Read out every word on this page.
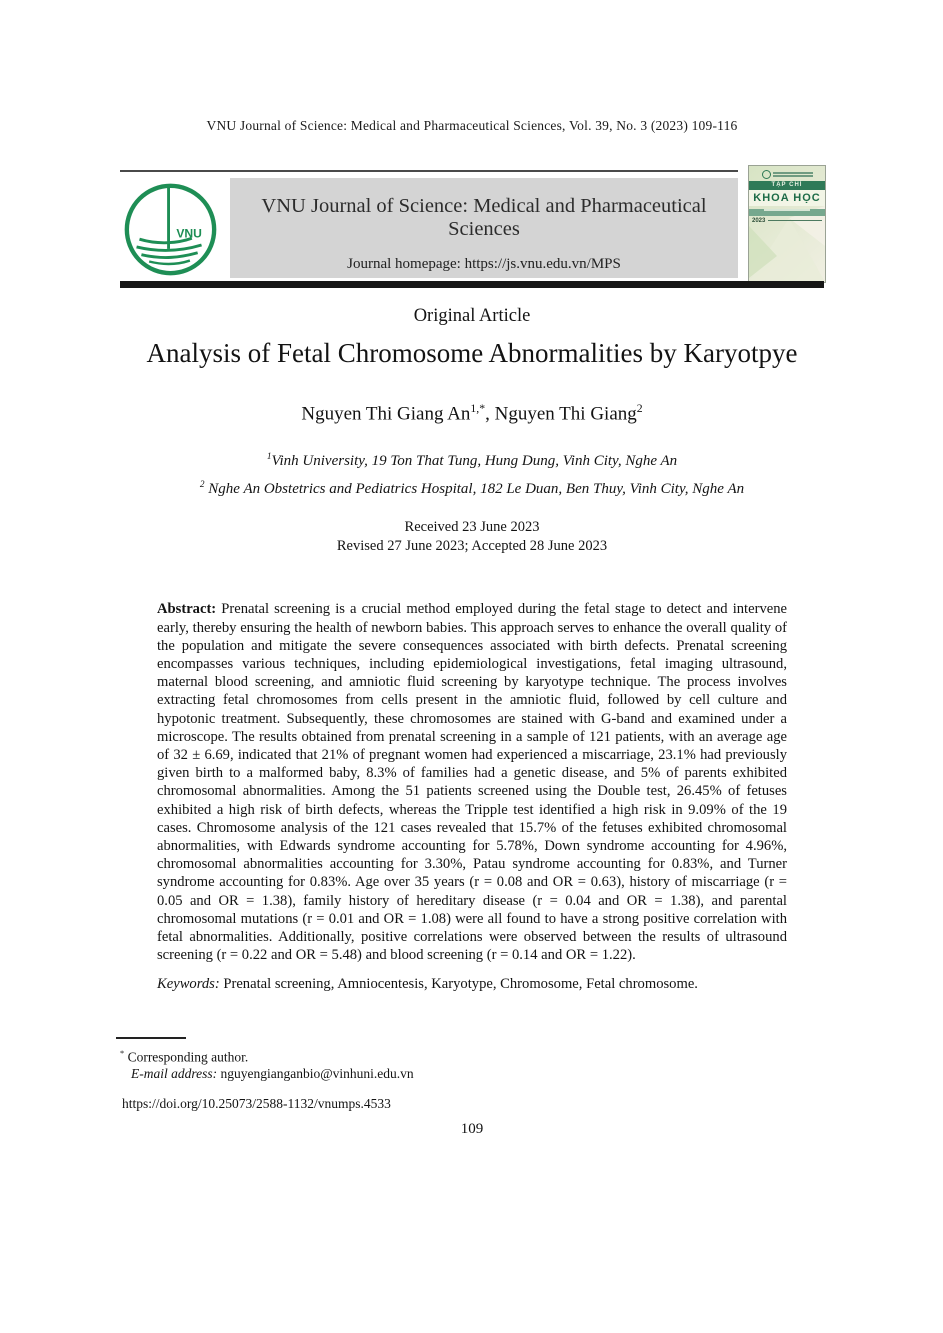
VNU Journal of Science: Medical and Pharmaceutical Sciences, Vol. 39, No. 3 (2023) 109-116
VNU
VNU Journal of Science: Medical and Pharmaceutical Sciences
Journal homepage: https://js.vnu.edu.vn/MPS
TẠP CHÍ
KHOA HỌC
2023
Original Article
Analysis of Fetal Chromosome Abnormalities by Karyotpye
Nguyen Thi Giang $An^{1,*}$, Nguyen Thi Giang$^2$
$^1$Vinh University, 19 Ton That Tung, Hung Dung, Vinh City, Nghe An
$^2$ Nghe An Obstetrics and Pediatrics Hospital, 182 Le Duan, Ben Thuy, Vinh City, Nghe An
Received 23 June 2023
Revised 27 June 2023; Accepted 28 June 2023

Abstract: Prenatal screening is a crucial method employed during the fetal stage to detect and intervene early, thereby ensuring the health of newborn babies. This approach serves to enhance the overall quality of the population and mitigate the severe consequences associated with birth defects. Prenatal screening encompasses various techniques, including epidemiological investigations, fetal imaging ultrasound, maternal blood screening, and amniotic fluid screening by karyotype technique. The process involves extracting fetal chromosomes from cells present in the amniotic fluid, followed by cell culture and hypotonic treatment. Subsequently, these chromosomes are stained with G-band and examined under a microscope. The results obtained from prenatal screening in a sample of 121 patients, with an average age of 32 ± 6.69, indicated that 21% of pregnant women had experienced a miscarriage, 23.1% had previously given birth to a malformed baby, 8.3% of families had a genetic disease, and 5% of parents exhibited chromosomal abnormalities. Among the 51 patients screened using the Double test, 26.45% of fetuses exhibited a high risk of birth defects, whereas the Tripple test identified a high risk in 9.09% of the 19 cases. Chromosome analysis of the 121 cases revealed that 15.7% of the fetuses exhibited chromosomal abnormalities, with Edwards syndrome accounting for 5.78%, Down syndrome accounting for 4.96%, chromosomal abnormalities accounting for 3.30%, Patau syndrome accounting for 0.83%, and Turner syndrome accounting for 0.83%. Age over 35 years (r = 0.08 and OR = 0.63), history of miscarriage (r = 0.05 and OR = 1.38), family history of hereditary disease (r = 0.04 and OR = 1.38), and parental chromosomal mutations (r = 0.01 and OR = 1.08) were all found to have a strong positive correlation with fetal abnormalities. Additionally, positive correlations were observed between the results of ultrasound screening (r = 0.22 and OR = 5.48) and blood screening (r = 0.14 and OR = 1.22).

Keywords: Prenatal screening, Amniocentesis, Karyotype, Chromosome, Fetal chromosome.

* Corresponding author.
E-mail address: nguyengianganbio@vinhuni.edu.vn
https://doi.org/10.25073/2588-1132/vnumps.4533
109
